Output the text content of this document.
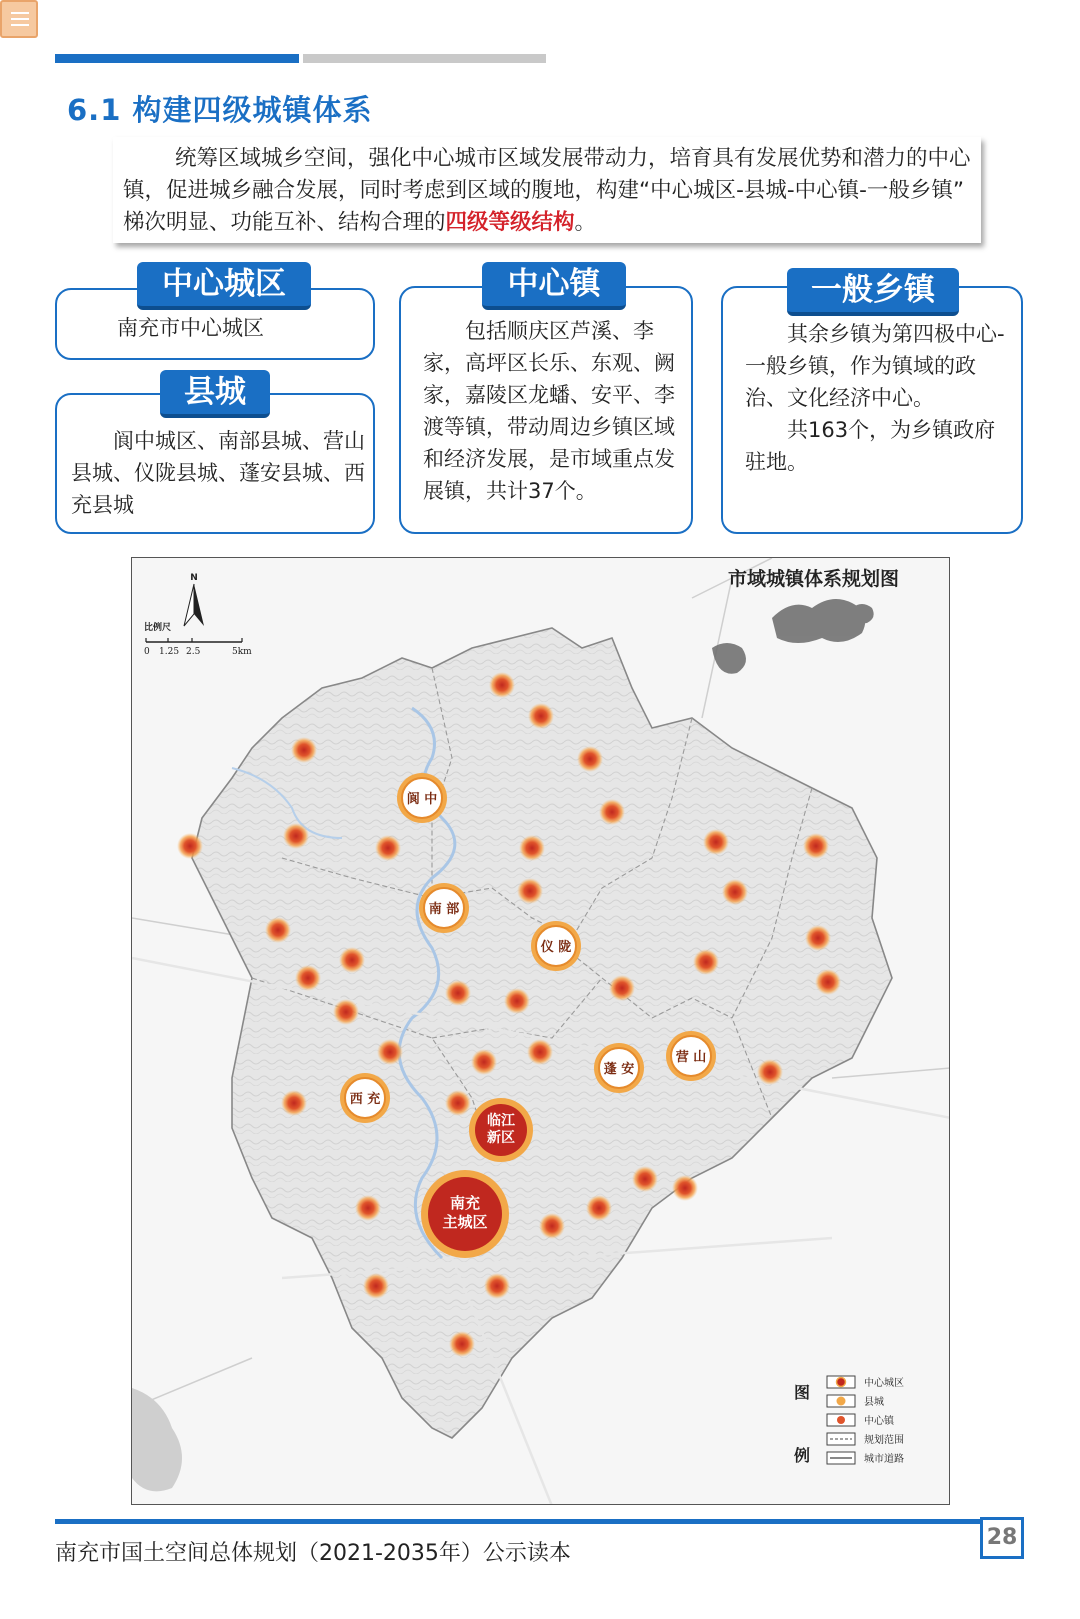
6.1 构建四级城镇体系
统筹区域城乡空间，强化中心城市区域发展带动力，培育具有发展优势和潜力的中心镇，促进城乡融合发展，同时考虑到区域的腹地，构建“中心城区-县城-中心镇-一般乡镇” 梯次明显、功能互补、结构合理的四级等级结构。
南充市中心城区
中心城区
阆中城区、南部县城、营山县城、仪陇县城、蓬安县城、西充县城
县城
包括顺庆区芦溪、李家，高坪区长乐、东观、阙家，嘉陵区龙蟠、安平、李渡等镇，带动周边乡镇区域和经济发展，是市域重点发展镇，共计37个。
中心镇
其余乡镇为第四极中心-一般乡镇，作为镇域的政治、文化经济中心。
共163个，为乡镇政府驻地。
一般乡镇
阆 中
南 部
仪 陇
营 山
蓬 安
西 充
临江
新区
南充
主城区
市域城镇体系规划图
N
比例尺
0 1.25 2.5	5km
图
例
中心城区
县城
中心镇
规划范围
城市道路
南充市国土空间总体规划（2021-2035年）公示读本
28
